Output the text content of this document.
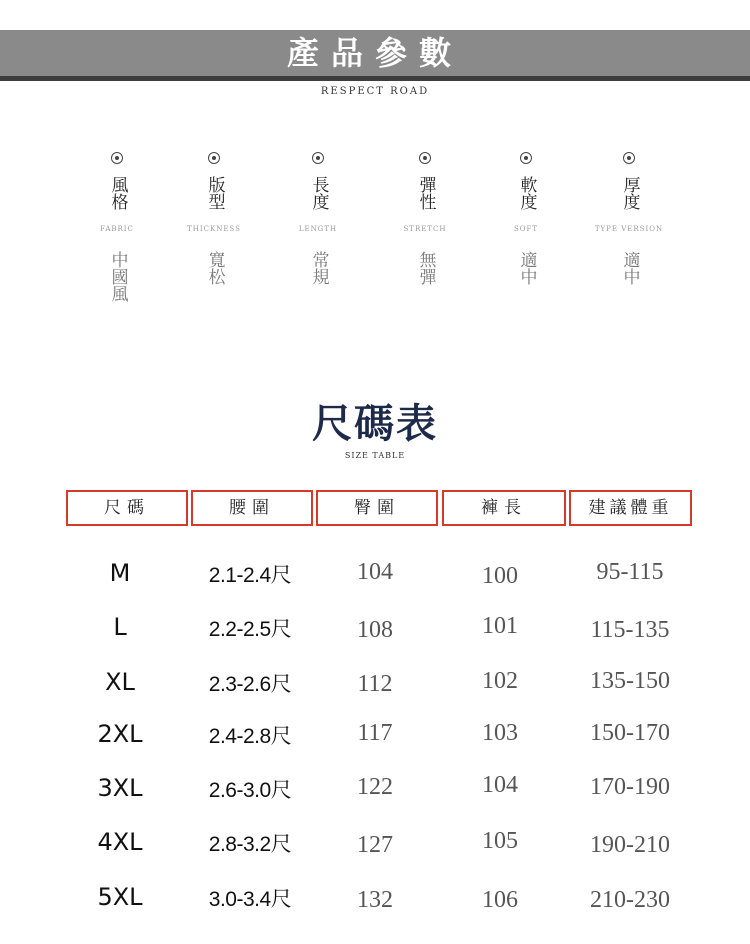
產品參數
RESPECT ROAD
風格
FABRIC
中國風
版型
THICKNESS
寬松
長度
LENGTH
常規
彈性
STRETCH
無彈
軟度
SOFT
適中
厚度
TYPE VERSION
適中
尺碼表
SIZE TABLE
尺碼	腰圍	臀圍	褲長	建議體重
M	2.1-2.4尺	104	100	95-115
L	2.2-2.5尺	108	101	115-135
XL	2.3-2.6尺	112	102	135-150
2XL	2.4-2.8尺	117	103	150-170
3XL	2.6-3.0尺	122	104	170-190
4XL	2.8-3.2尺	127	105	190-210
5XL	3.0-3.4尺	132	106	210-230
